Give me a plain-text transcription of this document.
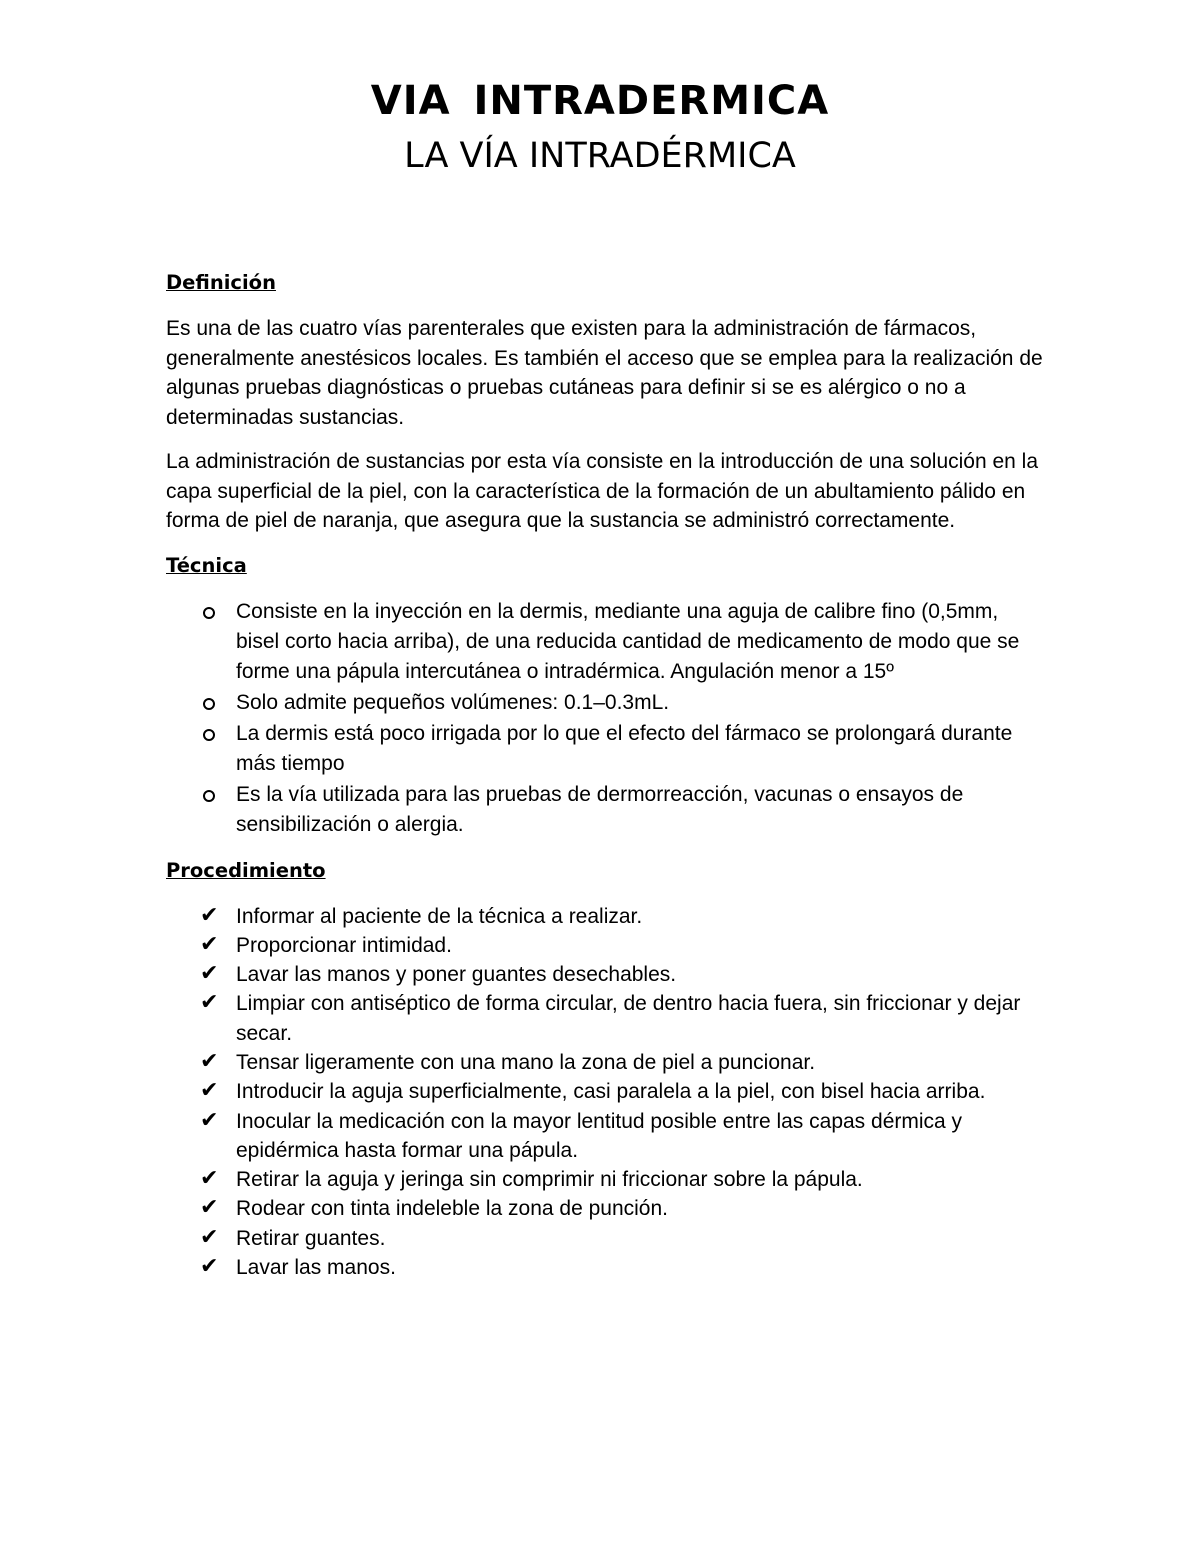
VIA INTRADERMICA
LA VÍA INTRADÉRMICA
Definición

Es una de las cuatro vías parenterales que existen para la administración de fármacos, generalmente anestésicos locales. Es también el acceso que se emplea para la realización de algunas pruebas diagnósticas o pruebas cutáneas para definir si se es alérgico o no a determinadas sustancias.

La administración de sustancias por esta vía consiste en la introducción de una solución en la capa superficial de la piel, con la característica de la formación de un abultamiento pálido en forma de piel de naranja, que asegura que la sustancia se administró correctamente.

Técnica
Consiste en la inyección en la dermis, mediante una aguja de calibre fino (0,5mm, bisel corto hacia arriba), de una reducida cantidad de medicamento de modo que se forme una pápula intercutánea o intradérmica. Angulación menor a 15º
Solo admite pequeños volúmenes: 0.1–0.3mL.
La dermis está poco irrigada por lo que el efecto del fármaco se prolongará durante más tiempo
Es la vía utilizada para las pruebas de dermorreacción, vacunas o ensayos de sensibilización o alergia.
Procedimiento
✔ Informar al paciente de la técnica a realizar.
✔ Proporcionar intimidad.
✔ Lavar las manos y poner guantes desechables.
✔ Limpiar con antiséptico de forma circular, de dentro hacia fuera, sin friccionar y dejar secar.
✔ Tensar ligeramente con una mano la zona de piel a puncionar.
✔ Introducir la aguja superficialmente, casi paralela a la piel, con bisel hacia arriba.
✔ Inocular la medicación con la mayor lentitud posible entre las capas dérmica y epidérmica hasta formar una pápula.
✔ Retirar la aguja y jeringa sin comprimir ni friccionar sobre la pápula.
✔ Rodear con tinta indeleble la zona de punción.
✔ Retirar guantes.
✔ Lavar las manos.
